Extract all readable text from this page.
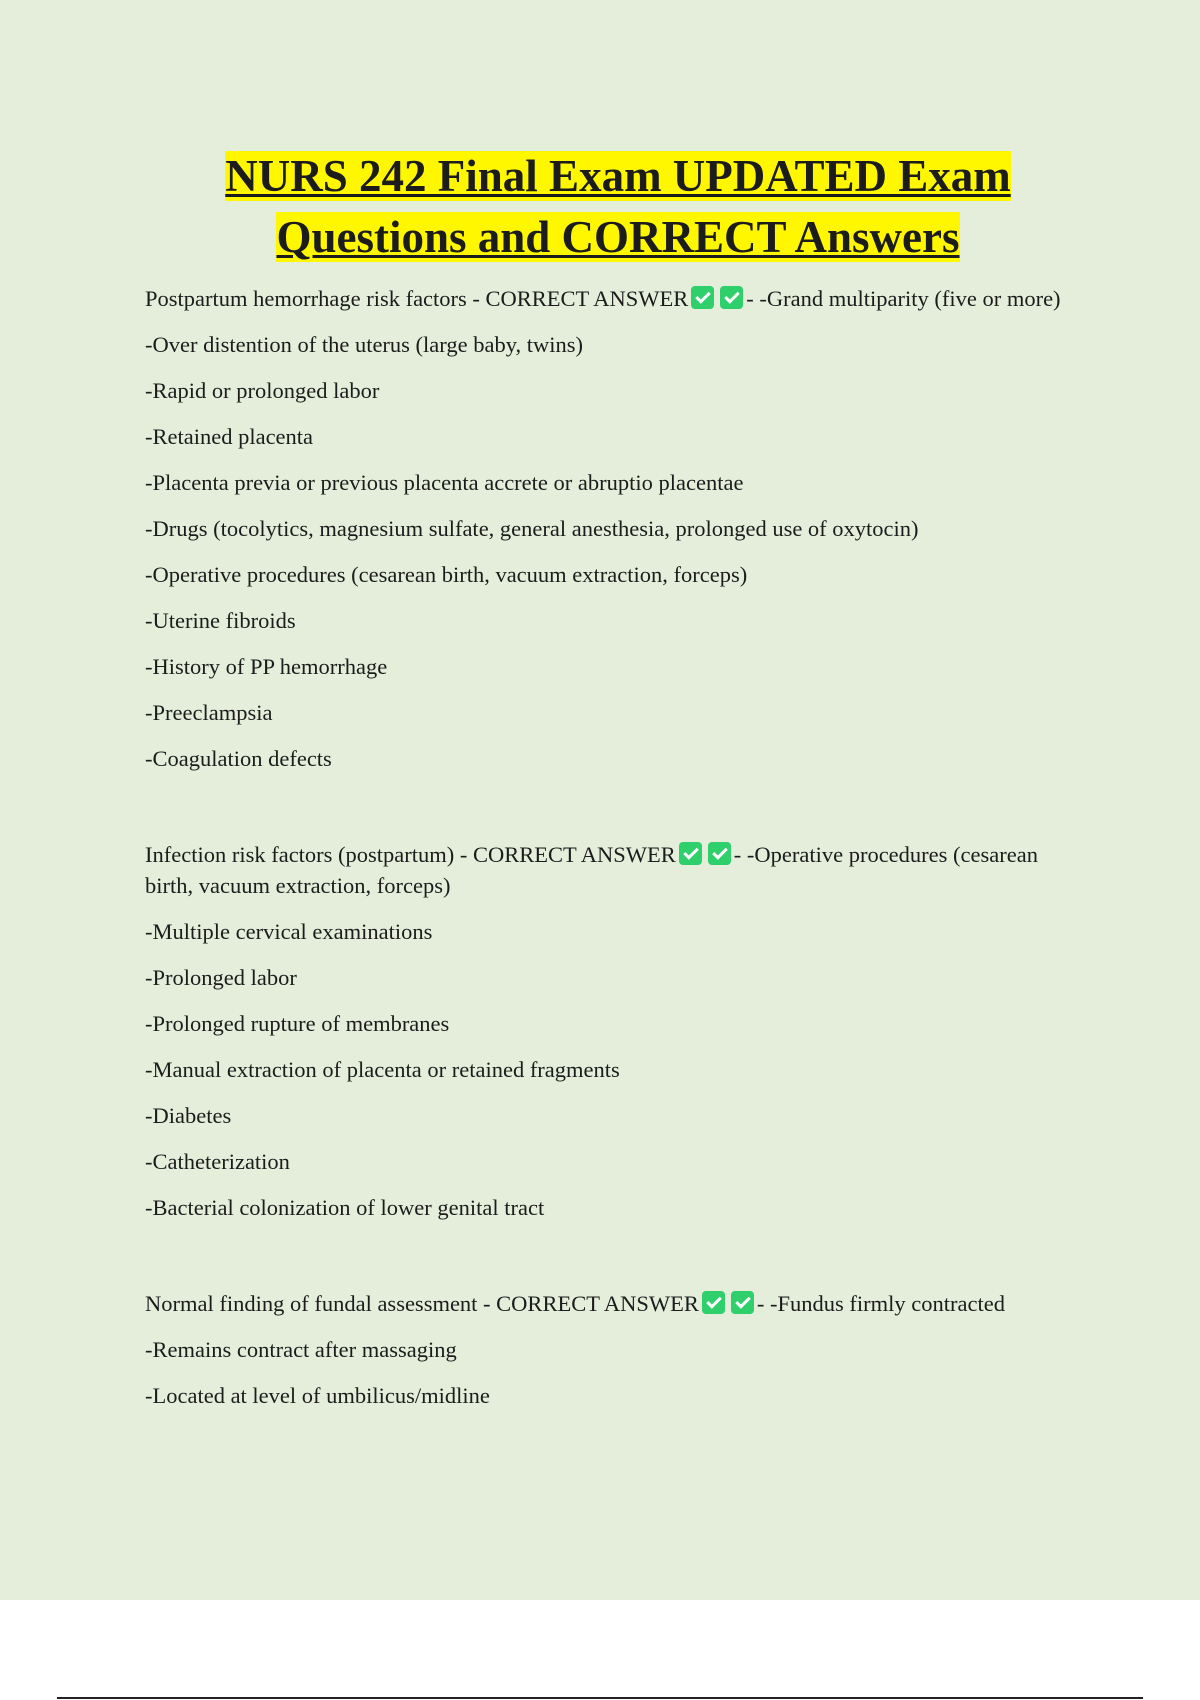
NURS 242 Final Exam UPDATED Exam
Questions and CORRECT Answers

Postpartum hemorrhage risk factors - CORRECT ANSWER	- -Grand multiparity (five or more)

-Over distention of the uterus (large baby, twins)

-Rapid or prolonged labor

-Retained placenta

-Placenta previa or previous placenta accrete or abruptio placentae

-Drugs (tocolytics, magnesium sulfate, general anesthesia, prolonged use of oxytocin)

-Operative procedures (cesarean birth, vacuum extraction, forceps)

-Uterine fibroids

-History of PP hemorrhage

-Preeclampsia

-Coagulation defects

Infection risk factors (postpartum) - CORRECT ANSWER	- -Operative procedures (cesarean birth, vacuum extraction, forceps)

-Multiple cervical examinations

-Prolonged labor

-Prolonged rupture of membranes

-Manual extraction of placenta or retained fragments

-Diabetes

-Catheterization

-Bacterial colonization of lower genital tract

Normal finding of fundal assessment - CORRECT ANSWER	- -Fundus firmly contracted

-Remains contract after massaging

-Located at level of umbilicus/midline
